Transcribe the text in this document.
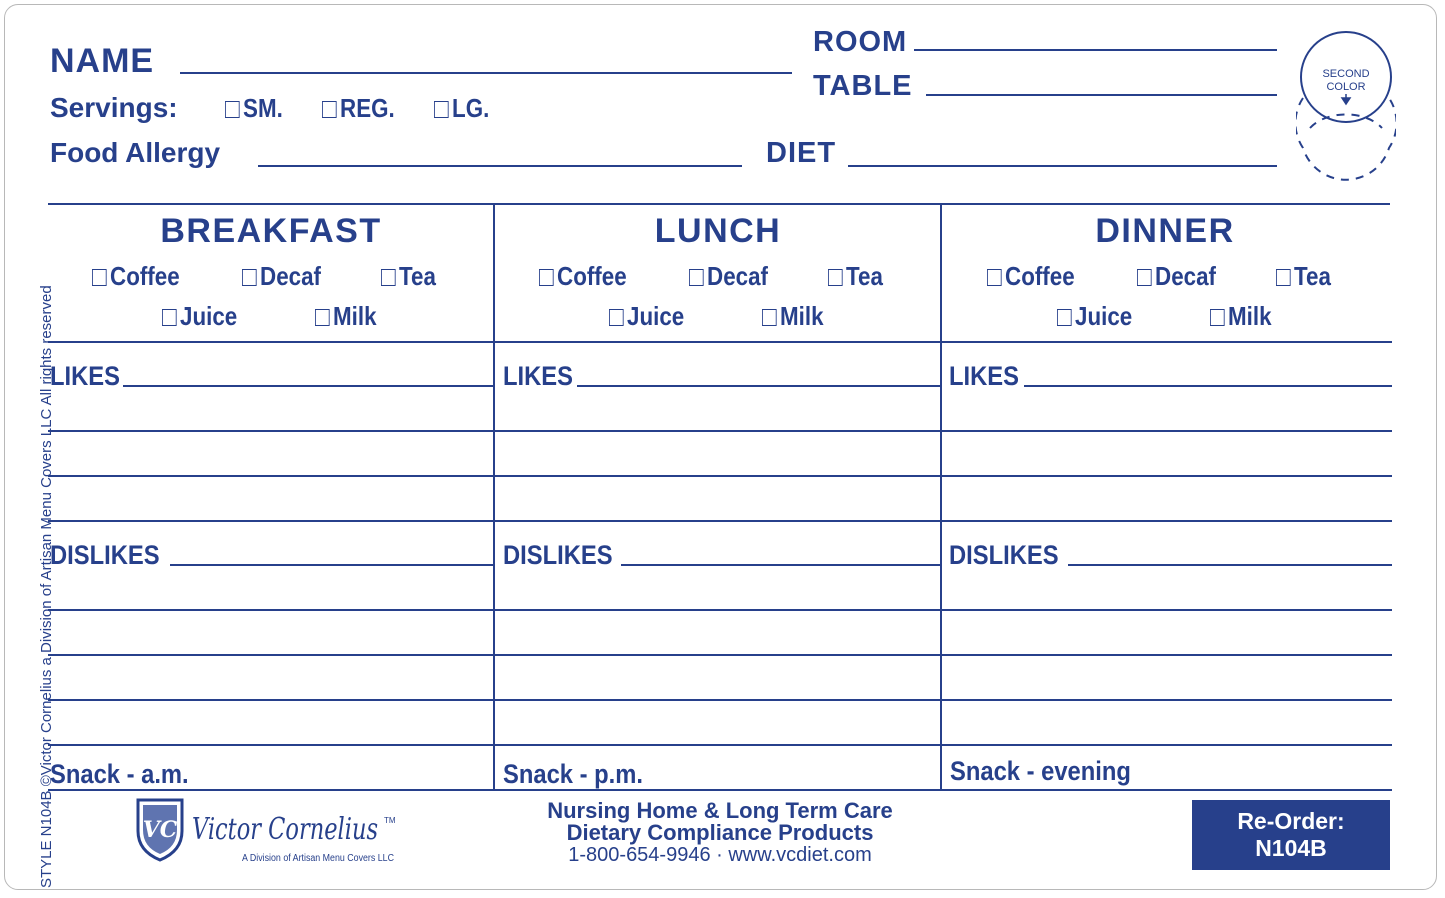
STYLE N104B ©Victor Cornelius a Division of Artisan Menu Covers LLC All rights reserved
NAME
Servings:	SM.	REG.	LG.
Food Allergy
ROOM
TABLE
DIET
SECOND
COLOR
BREAKFAST
Coffee	Decaf	Tea
Juice	Milk
LIKES
DISLIKES
Snack - a.m.
LUNCH
Coffee	Decaf	Tea
Juice	Milk
LIKES
DISLIKES
Snack - p.m.
DINNER
Coffee	Decaf	Tea
Juice	Milk
LIKES
DISLIKES
Snack - evening
VC Victor Cornelius TM
A Division of Artisan Menu Covers LLC
Nursing Home & Long Term Care
Dietary Compliance Products
1-800-654-9946 · www.vcdiet.com
Re-Order:
N104B
